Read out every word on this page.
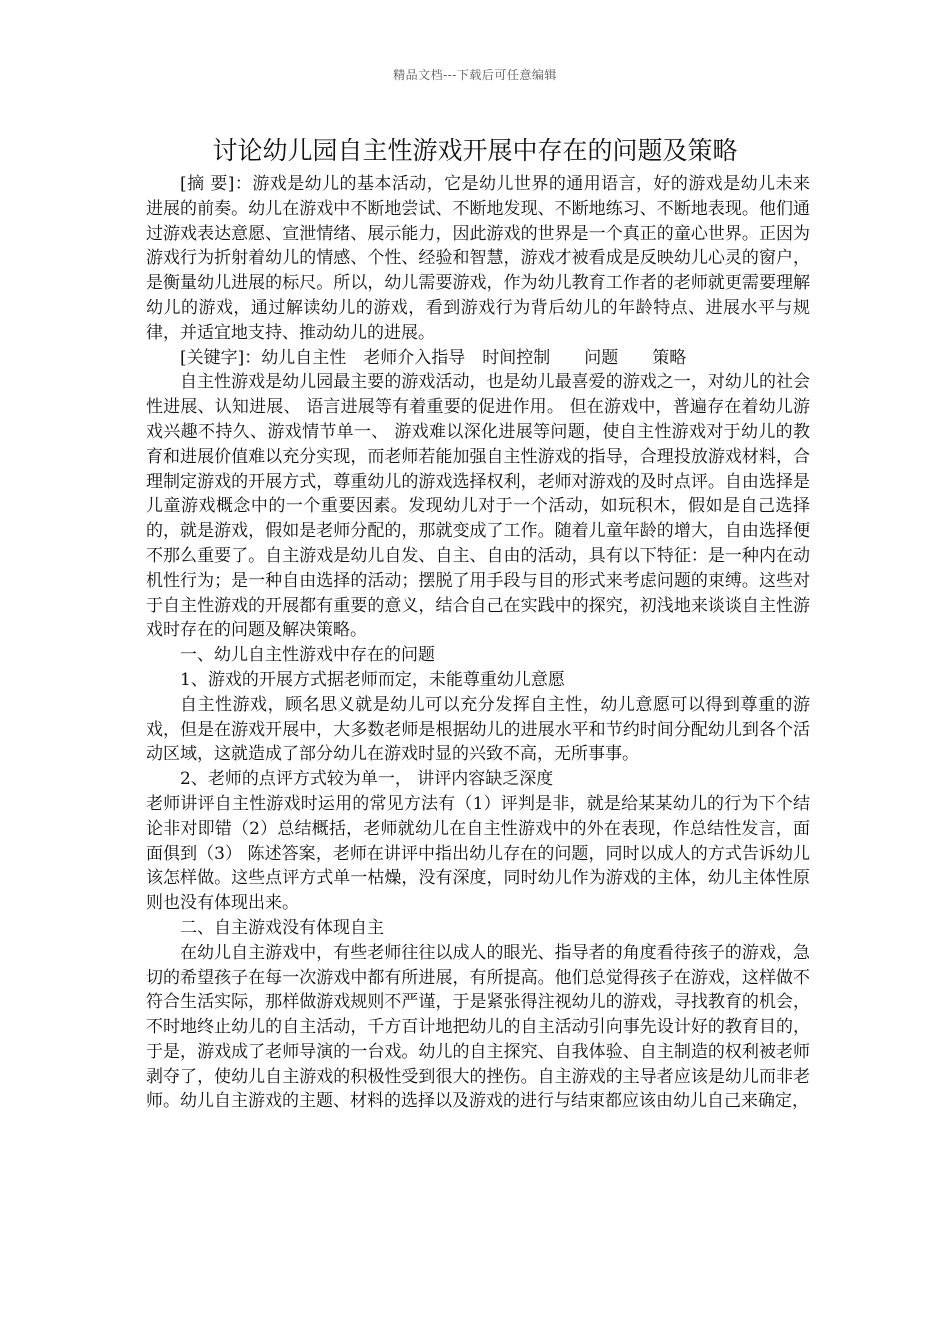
精品文档---下载后可任意编辑
讨论幼儿园自主性游戏开展中存在的问题及策略

[摘 要]：游戏是幼儿的基本活动，它是幼儿世界的通用语言，好的游戏是幼儿未来进展的前奏。幼儿在游戏中不断地尝试、不断地发现、不断地练习、不断地表现。他们通过游戏表达意愿、宣泄情绪、展示能力，因此游戏的世界是一个真正的童心世界。正因为游戏行为折射着幼儿的情感、个性、经验和智慧，游戏才被看成是反映幼儿心灵的窗户，是衡量幼儿进展的标尺。所以，幼儿需要游戏，作为幼儿教育工作者的老师就更需要理解幼儿的游戏，通过解读幼儿的游戏，看到游戏行为背后幼儿的年龄特点、进展水平与规律，并适宜地支持、推动幼儿的进展。

[关键字]：幼儿自主性　老师介入指导　时间控制　　问题　　策略

自主性游戏是幼儿园最主要的游戏活动，也是幼儿最喜爱的游戏之一，对幼儿的社会性进展、认知进展、 语言进展等有着重要的促进作用。 但在游戏中，普遍存在着幼儿游戏兴趣不持久、游戏情节单一、 游戏难以深化进展等问题，使自主性游戏对于幼儿的教育和进展价值难以充分实现，而老师若能加强自主性游戏的指导，合理投放游戏材料，合理制定游戏的开展方式，尊重幼儿的游戏选择权利，老师对游戏的及时点评。自由选择是儿童游戏概念中的一个重要因素。发现幼儿对于一个活动，如玩积木，假如是自己选择的，就是游戏，假如是老师分配的，那就变成了工作。随着儿童年龄的增大，自由选择便不那么重要了。自主游戏是幼儿自发、自主、自由的活动，具有以下特征：是一种内在动机性行为；是一种自由选择的活动；摆脱了用手段与目的形式来考虑问题的束缚。这些对于自主性游戏的开展都有重要的意义，结合自己在实践中的探究，初浅地来谈谈自主性游戏时存在的问题及解决策略。

一、幼儿自主性游戏中存在的问题

1、游戏的开展方式据老师而定，未能尊重幼儿意愿

自主性游戏，顾名思义就是幼儿可以充分发挥自主性，幼儿意愿可以得到尊重的游戏，但是在游戏开展中，大多数老师是根据幼儿的进展水平和节约时间分配幼儿到各个活动区域，这就造成了部分幼儿在游戏时显的兴致不高，无所事事。

2、老师的点评方式较为单一， 讲评内容缺乏深度

老师讲评自主性游戏时运用的常见方法有（1）评判是非，就是给某某幼儿的行为下个结论非对即错（2）总结概括，老师就幼儿在自主性游戏中的外在表现，作总结性发言，面面俱到（3） 陈述答案，老师在讲评中指出幼儿存在的问题，同时以成人的方式告诉幼儿该怎样做。这些点评方式单一枯燥，没有深度，同时幼儿作为游戏的主体，幼儿主体性原则也没有体现出来。

二、自主游戏没有体现自主

在幼儿自主游戏中，有些老师往往以成人的眼光、指导者的角度看待孩子的游戏，急切的希望孩子在每一次游戏中都有所进展，有所提高。他们总觉得孩子在游戏，这样做不符合生活实际，那样做游戏规则不严谨，于是紧张得注视幼儿的游戏，寻找教育的机会，不时地终止幼儿的自主活动，千方百计地把幼儿的自主活动引向事先设计好的教育目的，于是，游戏成了老师导演的一台戏。幼儿的自主探究、自我体验、自主制造的权利被老师剥夺了，使幼儿自主游戏的积极性受到很大的挫伤。自主游戏的主导者应该是幼儿而非老师。幼儿自主游戏的主题、材料的选择以及游戏的进行与结束都应该由幼儿自己来确定，
